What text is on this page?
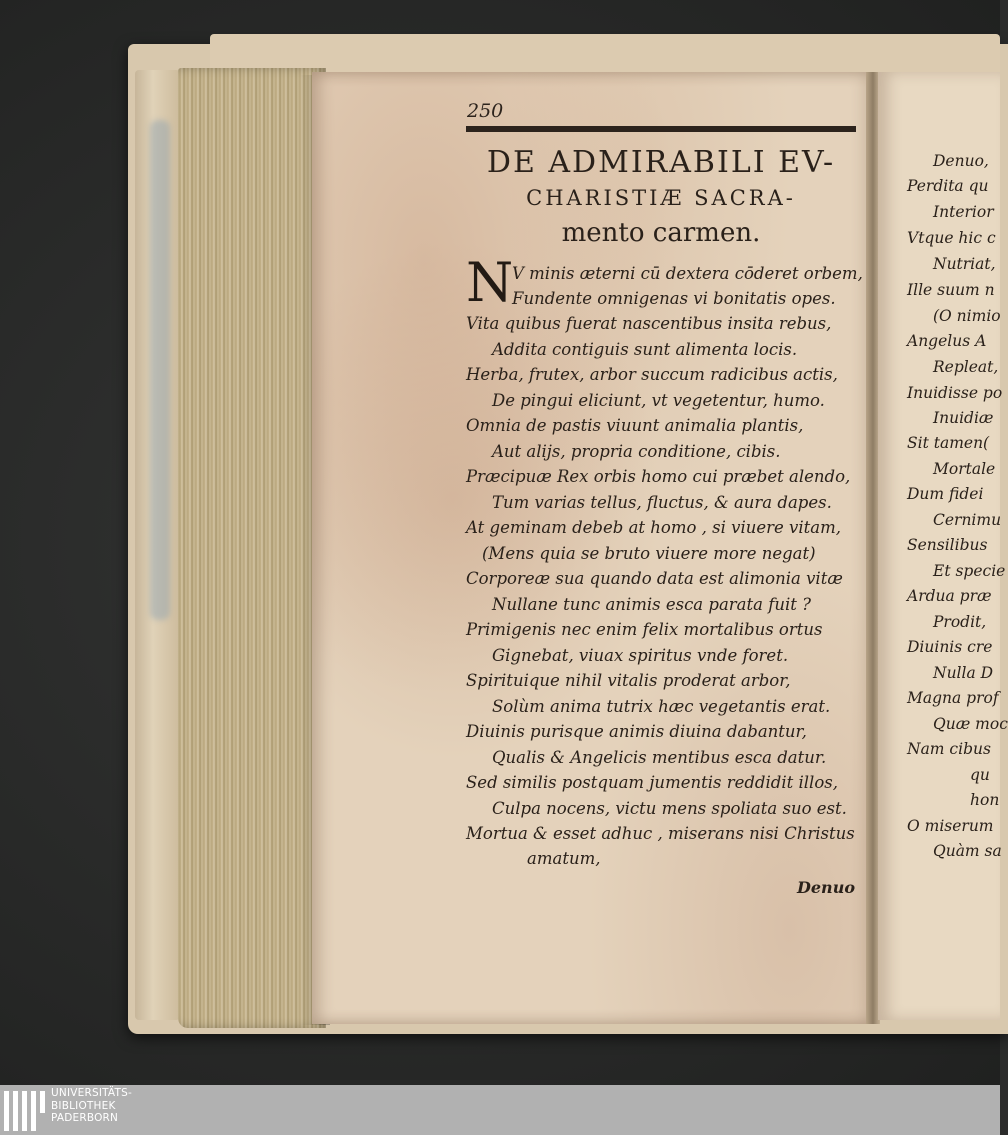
Denuo,
Perdita qu
Interior
Vtque hic c
Nutriat,
Ille suum n
(O nimio
Angelus A
Repleat,
Inuidisse po
Inuidiæ
Sit tamen(
Mortale
Dum fidei
Cernimu
Sensilibus
Et specie
Ardua præ
Prodit,
Diuinis cre
Nulla D
Magna prof
Quæ moc
Nam cibus
qu
hon
O miserum
Quàm sa
250
DE ADMIRABILI EV-
CHARISTIÆ SACRA-
mento carmen.
N
V minis æterni cū dextera cōderet orbem,
Fundente omnigenas vi bonitatis opes.
Vita quibus fuerat nascentibus insita rebus,
Addita contiguis sunt alimenta locis.
Herba, frutex, arbor succum radicibus actis,
De pingui eliciunt, vt vegetentur, humo.
Omnia de pastis viuunt animalia plantis,
Aut alijs, propria conditione, cibis.
Præcipuæ Rex orbis homo cui præbet alendo,
Tum varias tellus, fluctus, & aura dapes.
At geminam debeb at homo , si viuere vitam,
(Mens quia se bruto viuere more negat)
Corporeæ sua quando data est alimonia vitæ
Nullane tunc animis esca parata fuit ?
Primigenis nec enim felix mortalibus ortus
Gignebat, viuax spiritus vnde foret.
Spirituique nihil vitalis proderat arbor,
Solùm anima tutrix hæc vegetantis erat.
Diuinis purisque animis diuina dabantur,
Qualis & Angelicis mentibus esca datur.
Sed similis postquam jumentis reddidit illos,
Culpa nocens, victu mens spoliata suo est.
Mortua & esset adhuc , miserans nisi Christus
amatum,
Denuo
UNIVERSITÄTS-
BIBLIOTHEK
PADERBORN
